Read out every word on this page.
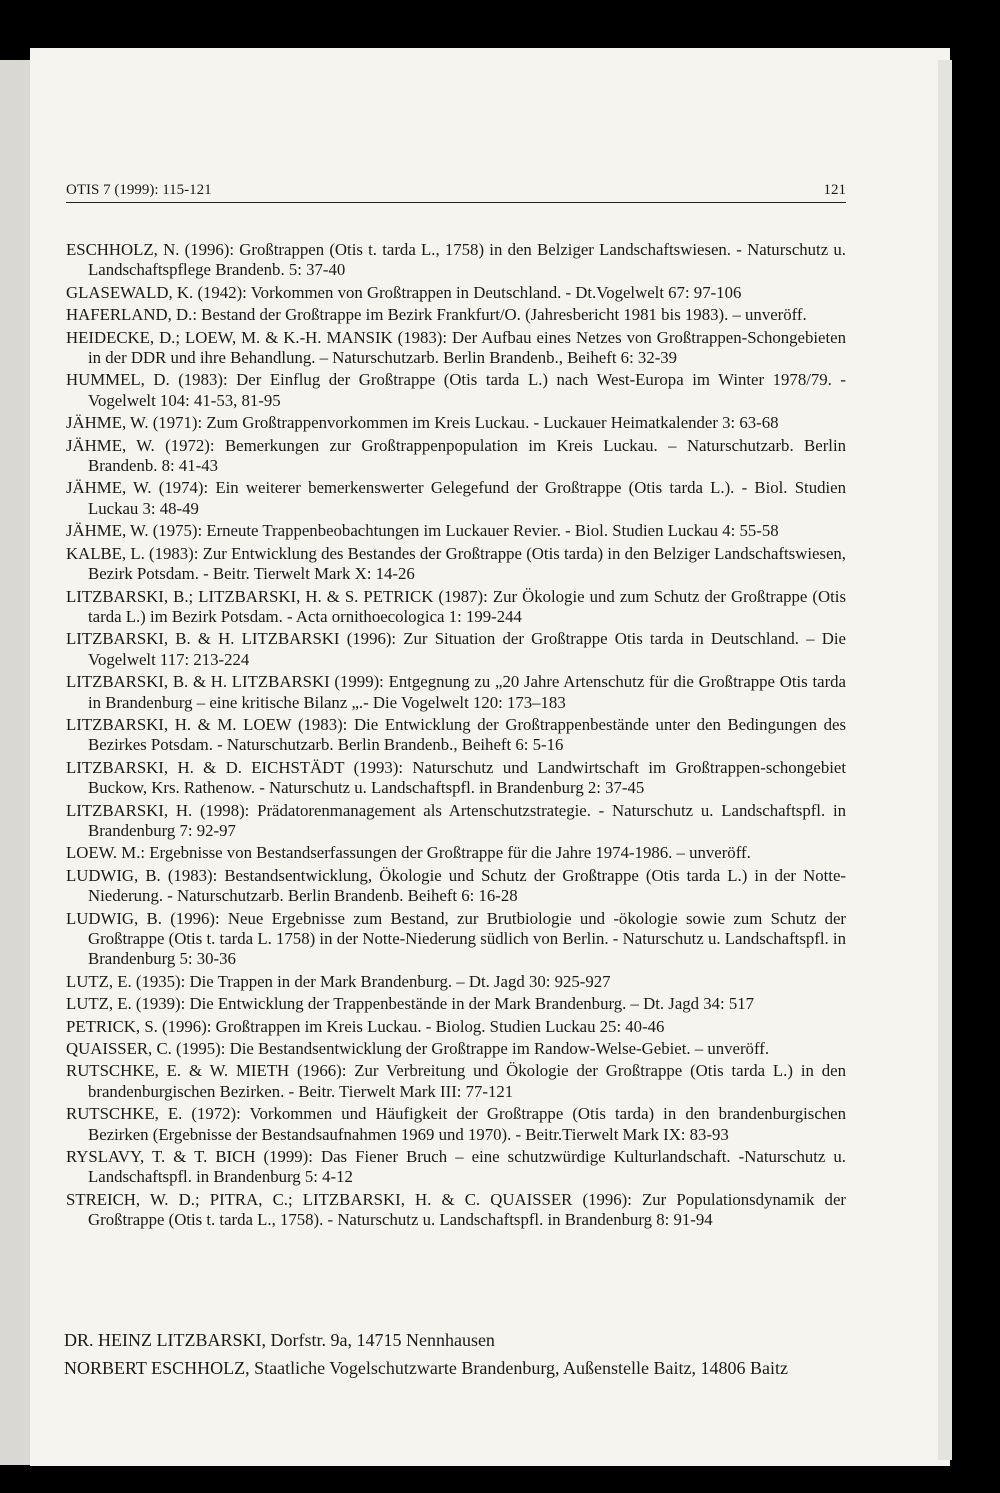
OTIS 7 (1999): 115-121	121
ESCHHOLZ, N. (1996): Großtrappen (Otis t. tarda L., 1758) in den Belziger Landschaftswiesen. - Naturschutz u. Landschaftspflege Brandenb. 5: 37-40
GLASEWALD, K. (1942): Vorkommen von Großtrappen in Deutschland. - Dt.Vogelwelt 67: 97-106
HAFERLAND, D.: Bestand der Großtrappe im Bezirk Frankfurt/O. (Jahresbericht 1981 bis 1983). – unveröff.
HEIDECKE, D.; LOEW, M. & K.-H. MANSIK (1983): Der Aufbau eines Netzes von Großtrappen-Schongebieten in der DDR und ihre Behandlung. – Naturschutzarb. Berlin Brandenb., Beiheft 6: 32-39
HUMMEL, D. (1983): Der Einflug der Großtrappe (Otis tarda L.) nach West-Europa im Winter 1978/79. - Vogelwelt 104: 41-53, 81-95
JÄHME, W. (1971): Zum Großtrappenvorkommen im Kreis Luckau. - Luckauer Heimatkalender 3: 63-68
JÄHME, W. (1972): Bemerkungen zur Großtrappenpopulation im Kreis Luckau. – Naturschutzarb. Berlin Brandenb. 8: 41-43
JÄHME, W. (1974): Ein weiterer bemerkenswerter Gelegefund der Großtrappe (Otis tarda L.). - Biol. Studien Luckau 3: 48-49
JÄHME, W. (1975): Erneute Trappenbeobachtungen im Luckauer Revier. - Biol. Studien Luckau 4: 55-58
KALBE, L. (1983): Zur Entwicklung des Bestandes der Großtrappe (Otis tarda) in den Belziger Landschaftswiesen, Bezirk Potsdam. - Beitr. Tierwelt Mark X: 14-26
LITZBARSKI, B.; LITZBARSKI, H. & S. PETRICK (1987): Zur Ökologie und zum Schutz der Großtrappe (Otis tarda L.) im Bezirk Potsdam. - Acta ornithoecologica 1: 199-244
LITZBARSKI, B. & H. LITZBARSKI (1996): Zur Situation der Großtrappe Otis tarda in Deutschland. – Die Vogelwelt 117: 213-224
LITZBARSKI, B. & H. LITZBARSKI (1999): Entgegnung zu „20 Jahre Artenschutz für die Großtrappe Otis tarda in Brandenburg – eine kritische Bilanz „.- Die Vogelwelt 120: 173–183
LITZBARSKI, H. & M. LOEW (1983): Die Entwicklung der Großtrappenbestände unter den Bedingungen des Bezirkes Potsdam. - Naturschutzarb. Berlin Brandenb., Beiheft 6: 5-16
LITZBARSKI, H. & D. EICHSTÄDT (1993): Naturschutz und Landwirtschaft im Großtrappen-schongebiet Buckow, Krs. Rathenow. - Naturschutz u. Landschaftspfl. in Brandenburg 2: 37-45
LITZBARSKI, H. (1998): Prädatorenmanagement als Artenschutzstrategie. - Naturschutz u. Landschaftspfl. in Brandenburg 7: 92-97
LOEW. M.: Ergebnisse von Bestandserfassungen der Großtrappe für die Jahre 1974-1986. – unveröff.
LUDWIG, B. (1983): Bestandsentwicklung, Ökologie und Schutz der Großtrappe (Otis tarda L.) in der Notte-Niederung. - Naturschutzarb. Berlin Brandenb. Beiheft 6: 16-28
LUDWIG, B. (1996): Neue Ergebnisse zum Bestand, zur Brutbiologie und -ökologie sowie zum Schutz der Großtrappe (Otis t. tarda L. 1758) in der Notte-Niederung südlich von Berlin. - Naturschutz u. Landschaftspfl. in Brandenburg 5: 30-36
LUTZ, E. (1935): Die Trappen in der Mark Brandenburg. – Dt. Jagd 30: 925-927
LUTZ, E. (1939): Die Entwicklung der Trappenbestände in der Mark Brandenburg. – Dt. Jagd 34: 517
PETRICK, S. (1996): Großtrappen im Kreis Luckau. - Biolog. Studien Luckau 25: 40-46
QUAISSER, C. (1995): Die Bestandsentwicklung der Großtrappe im Randow-Welse-Gebiet. – unveröff.
RUTSCHKE, E. & W. MIETH (1966): Zur Verbreitung und Ökologie der Großtrappe (Otis tarda L.) in den brandenburgischen Bezirken. - Beitr. Tierwelt Mark III: 77-121
RUTSCHKE, E. (1972): Vorkommen und Häufigkeit der Großtrappe (Otis tarda) in den brandenburgischen Bezirken (Ergebnisse der Bestandsaufnahmen 1969 und 1970). - Beitr.Tierwelt Mark IX: 83-93
RYSLAVY, T. & T. BICH (1999): Das Fiener Bruch – eine schutzwürdige Kulturlandschaft. -Naturschutz u. Landschaftspfl. in Brandenburg 5: 4-12
STREICH, W. D.; PITRA, C.; LITZBARSKI, H. & C. QUAISSER (1996): Zur Populationsdynamik der Großtrappe (Otis t. tarda L., 1758). - Naturschutz u. Landschaftspfl. in Brandenburg 8: 91-94
DR. HEINZ LITZBARSKI, Dorfstr. 9a, 14715 Nennhausen
NORBERT ESCHHOLZ, Staatliche Vogelschutzwarte Brandenburg, Außenstelle Baitz, 14806 Baitz
